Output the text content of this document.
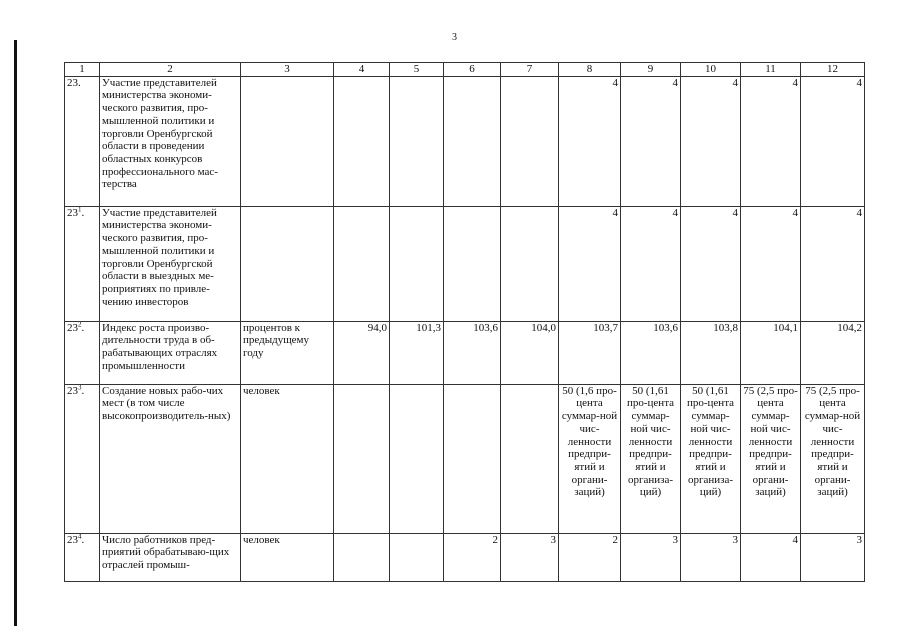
3
1	2	3	4	5	6	7	8	9	10	11	12
23.	Участие представителей министерства экономи-ческого развития, про-мышленной политики и торговли Оренбургской области в проведении областных конкурсов профессионального мас-терства						4	4	4	4	4
$23^1$.	Участие представителей министерства экономи-ческого развития, про-мышленной политики и торговли Оренбургской области в выездных ме-роприятиях по привле-чению инвесторов						4	4	4	4	4
$23^2$.	Индекс роста произво-дительности труда в об-рабатывающих отраслях промышленности	процентов к предыдущему году	94,0	101,3	103,6	104,0	103,7	103,6	103,8	104,1	104,2
$23^3$.	Создание новых рабо-чих мест (в том числе высокопроизводитель-ных)	человек					50 (1,6 про-цента суммар-ной чис-ленности предпри-ятий и органи-заций)	50 (1,61 про-цента суммар-ной чис-ленности предпри-ятий и организа-ций)	50 (1,61 про-цента суммар-ной чис-ленности предпри-ятий и организа-ций)	75 (2,5 про-цента суммар-ной чис-ленности предпри-ятий и органи-заций)	75 (2,5 про-цента суммар-ной чис-ленности предпри-ятий и органи-заций)
$23^4$.	Число работников пред-приятий обрабатываю-щих отраслей промыш-	человек			2	3	2	3	3	4	3
